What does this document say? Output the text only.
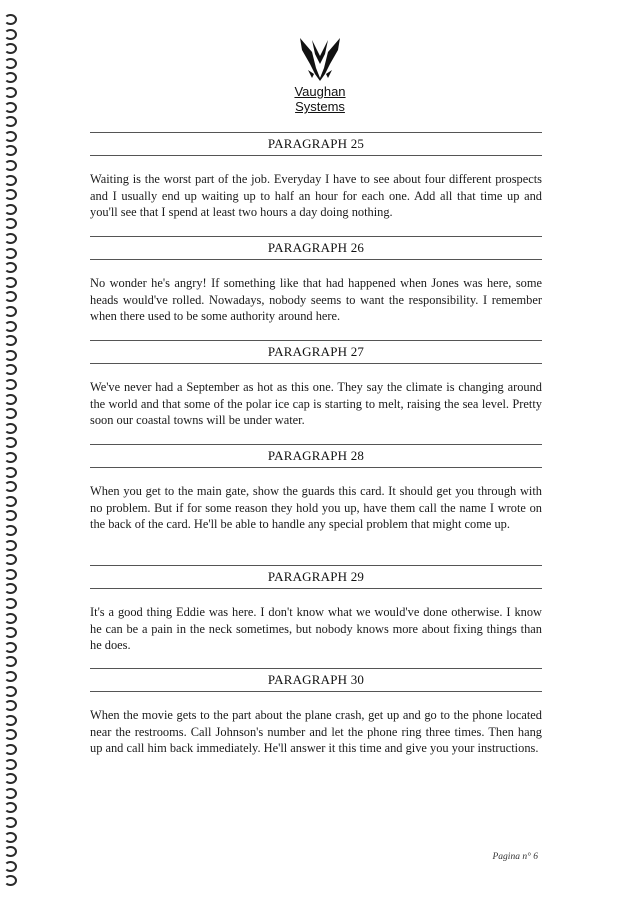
Vaughan Systems
PARAGRAPH 25
Waiting is the worst part of the job. Everyday I have to see about four different prospects and I usually end up waiting up to half an hour for each one. Add all that time up and you'll see that I spend at least two hours a day doing nothing.
PARAGRAPH 26
No wonder he's angry! If something like that had happened when Jones was here, some heads would've rolled. Nowadays, nobody seems to want the responsibility. I remember when there used to be some authority around here.
PARAGRAPH 27
We've never had a September as hot as this one. They say the climate is changing around the world and that some of the polar ice cap is starting to melt, raising the sea level. Pretty soon our coastal towns will be under water.
PARAGRAPH 28
When you get to the main gate, show the guards this card. It should get you through with no problem. But if for some reason they hold you up, have them call the name I wrote on the back of the card. He'll be able to handle any special problem that might come up.
PARAGRAPH 29
It's a good thing Eddie was here. I don't know what we would've done otherwise. I know he can be a pain in the neck sometimes, but nobody knows more about fixing things than he does.
PARAGRAPH 30
When the movie gets to the part about the plane crash, get up and go to the phone located near the restrooms. Call Johnson's number and let the phone ring three times. Then hang up and call him back immediately. He'll answer it this time and give you your instructions.
Pagina n° 6
